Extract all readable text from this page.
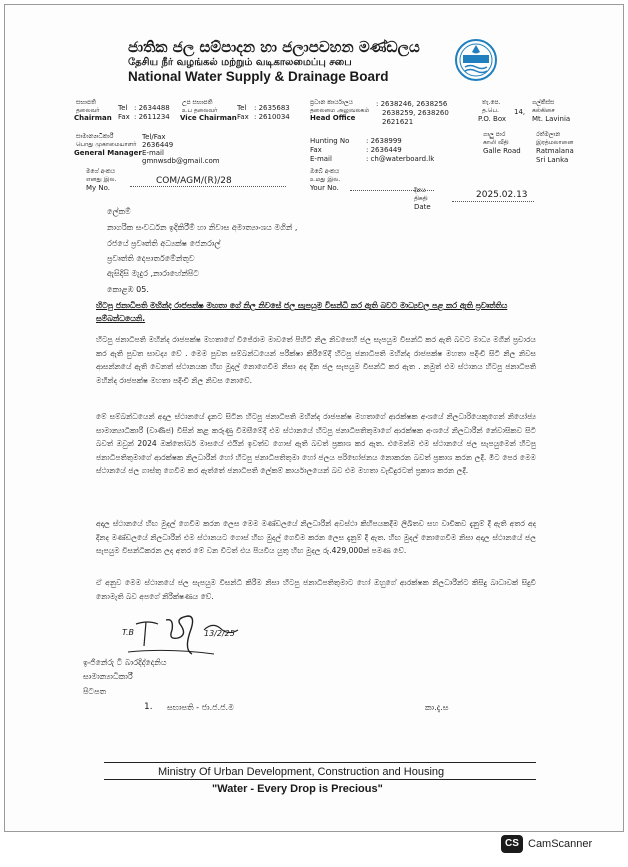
ජාතික ජල සම්පාදන හා ජලාපවහන මණ්ඩලය
தேசிய நீர் வழங்கல் மற்றும் வடிகாலமைப்பு சபை
National Water Supply & Drainage Board
සභාපති
தலைவர்
Chairman
Tel : 2634488
Fax : 2611234
උප සභාපති
உப தலைவர்
Vice Chairman
Tel : 2635683
Fax : 2610034
ප්‍රධාන කාර්යාලය
தலைமை அலுவலகம்
Head Office
: 2638246, 2638256
2638259, 2638260
2621621
තැ.පෙ.
த.பெ.
P.O. Box
14,
ගල්කිස්ස
கல்கிசை
Mt. Lavinia
සාමාන්‍යාධිකාරී
பொது முகாமையாளர்
General Manager
Tel/Fax
2636449
E-mail
gmnwsdb@gmail.com
Hunting No : 2638999
Fax	: 2636449
E-mail	: ch@waterboard.lk
ගාලු පාර
காலி வீதி
Galle Road
රත්මලාන
இரத்மலானை
Ratmalana
Sri Lanka
මගේ අංකය
எனது இல.
My No.
COM/AGM/(R)/28
ඔබේ අංකය
உமது இல.
Your No.	දිනය
திகதி
Date
2025.02.13
ලේකම්
නාගරික සංවර්ධන ඉදිකිරීම් හා නිවාස අමාත්‍යාංශය මගින් ,
රජයේ ප්‍රවෘත්ති අධ්‍යක්ෂ ජෙනරාල්
ප්‍රවෘත්ති දෙපාර්තමේන්තුව
ඇසිදිසි මැදුර ,නාරාහේන්පිට
කොළඹ 05.
හිටපු ජනාධිපති මහින්ද රාජපක්ෂ මහතා ගේ නිල නිවසේ ජල සැපයුම විසන්ධි කර ඇති බවට මාධ්‍යවල පළ කර ඇති ප්‍රවෘත්තිය සම්බන්ධයෙනි.
හිටපු ජනාධිපති මහින්ද රාජපක්ෂ මහතාගේ විජේරාම මාවතේ පිහිටි නිල නිවසෙහි ජල සැපයුම විසන්ධි කර ඇති බවට මාධ්‍ය මගින් ප්‍රචාරය කර ඇති පුවත සාවද්‍ය වේ . මෙම පුවත සම්බන්ධයෙන් පරීක්ෂා කිරීමේදී හිටපු ජනාධිපති මහින්ද රාජපක්ෂ මහතා පදිංචි සිටි නිල නිවස ආසන්නයේ ඇති වෙනත් ස්ථානයක හිඟ මුදල් නොගෙවීම නිසා අද දින ජල සැපයුම විසන්ධි කර ඇත . නමුත් එම ස්ථානය හිටපු ජනාධිපති මහින්ද රාජපක්ෂ මහතා පදිංචි නිල නිවස නොවේ.
මේ සම්බන්ධයෙන් අදාල ස්ථානයේ දැනට සිටින හිටපු ජනාධිපති මහින්ද රාජපක්ෂ මහතාගේ ආරක්ෂක අංශයේ නිලධාරියෙකුගෙන් නියෝජ්‍ය සාමාන්‍යාධිකාරී (වාණිජ) විසින් කළ කරුණු විමසීමේදී එම ස්ථානයේ හිටපු ජනාධිපතිතුමාගේ ආරක්ෂක අංශයේ නිලධාරීන් නේවාසිකව සිටි බවත් ඔවුන් 2024 ඔක්තෝබර් මාසයේ එයින් ඉවත්ව ගොස් ඇති බවත් ප්‍රකාශ කර ඇත. එමෙන්ම එම ස්ථානයේ ජල සැපයුමෙන් හිටපු ජනාධිපතිතුමාගේ ආරක්ෂක නිලධාරීන් හෝ හිටපු ජනාධිපතිතුමා හෝ ජලය පරිභෝජනය නොකරන බවත් ප්‍රකාශ කරන ලදී. මීට පෙර මෙම ස්ථානයේ ජල ගාස්තු ගෙවීම කර ඇත්තේ ජනාධිපති ලේකම් කාර්යාලයෙන් බව එම මහතා වැඩිදුරටත් ප්‍රකාශ කරන ලදී.
අදාල ස්ථානයේ හිඟ මුදල් ගෙවීම කරන ලෙස මෙම මණ්ඩලයේ නිලධාරීන් අවස්ථා කිහිපයකදීම ලිඛිතව සහ වාචිකව දැනුම් දී ඇති අතර අද දිනද මණ්ඩලයේ නිලධාරීන් එම ස්ථානයට ගොස් හිඟ මුදල් ගෙවීම කරන ලෙස දැනුම් දී ඇත. හිඟ මුදල් නොගෙවීම නිසා අදාල ස්ථානයේ ජල සැපයුම විසන්ධිකරන ලද අතර මේ වන විටත් එය පියවිය යුතු හිඟ මුදල රු.429,000ක් පමණ වේ.
ඒ අනුව මෙම ස්ථානයේ ජල සැපයුම විසන්ධි කිරීම නිසා හිටපු ජනාධිපතිතුමාට හෝ ඔහුගේ ආරක්ෂක නිලධාරීන්ට කිසිදු බාධාවක් සිදුවී නොමැති බව අපගේ නිරීක්ෂණය වේ.
T.B	13/2/25
ඉංජිනේරු ටී බාරදිද්දෙනිය
සාමාන්‍යාධිකාරී
පිටපත
1. සභාපති - ජා.ජ.ජ.ම	කා.දැ.ස
Ministry Of Urban Development, Construction and Housing
"Water - Every Drop is Precious"
CS CamScanner
